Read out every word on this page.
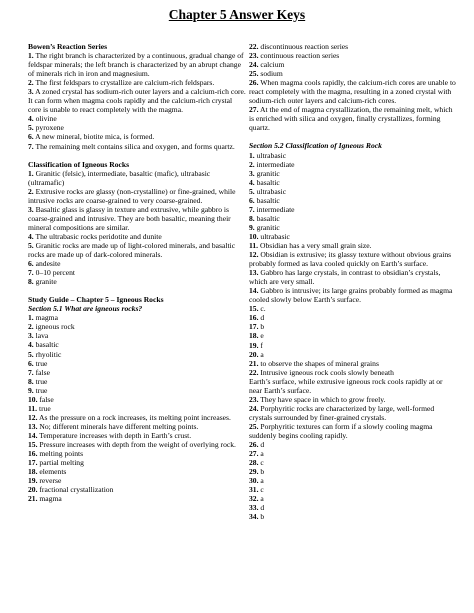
Chapter 5 Answer Keys
Bowen’s Reaction Series
1. The right branch is characterized by a continuous, gradual change of feldspar minerals; the left branch is characterized by an abrupt change of minerals rich in iron and magnesium.
2. The first feldspars to crystallize are calcium-rich feldspars.
3. A zoned crystal has sodium-rich outer layers and a calcium-rich core. It can form when magma cools rapidly and the calcium-rich crystal core is unable to react completely with the magma.
4. olivine
5. pyroxene
6. A new mineral, biotite mica, is formed.
7. The remaining melt contains silica and oxygen, and forms quartz.
Classification of Igneous Rocks
1. Granitic (felsic), intermediate, basaltic (mafic), ultrabasic (ultramafic)
2. Extrusive rocks are glassy (non-crystalline) or fine-grained, while intrusive rocks are coarse-grained to very coarse-grained.
3. Basaltic glass is glassy in texture and extrusive, while gabbro is coarse-grained and intrusive. They are both basaltic, meaning their mineral compositions are similar.
4. The ultrabasic rocks peridotite and dunite
5. Granitic rocks are made up of light-colored minerals, and basaltic rocks are made up of dark-colored minerals.
6. andesite
7. 0–10 percent
8. granite
Study Guide – Chapter 5 – Igneous Rocks
Section 5.1 What are igneous rocks?
1. magma
2. igneous rock
3. lava
4. basaltic
5. rhyolitic
6. true
7. false
8. true
9. true
10. false
11. true
12. As the pressure on a rock increases, its melting point increases.
13. No; different minerals have different melting points.
14. Temperature increases with depth in Earth’s crust.
15. Pressure increases with depth from the weight of overlying rock.
16. melting points
17. partial melting
18. elements
19. reverse
20. fractional crystallization
21. magma
22. discontinuous reaction series
23. continuous reaction series
24. calcium
25. sodium
26. When magma cools rapidly, the calcium-rich cores are unable to react completely with the magma, resulting in a zoned crystal with sodium-rich outer layers and calcium-rich cores.
27. At the end of magma crystallization, the remaining melt, which is enriched with silica and oxygen, finally crystallizes, forming quartz.
Section 5.2 Classification of Igneous Rock
1. ultrabasic
2. intermediate
3. granitic
4. basaltic
5. ultrabasic
6. basaltic
7. intermediate
8. basaltic
9. granitic
10. ultrabasic
11. Obsidian has a very small grain size.
12. Obsidian is extrusive; its glassy texture without obvious grains probably formed as lava cooled quickly on Earth’s surface.
13. Gabbro has large crystals, in contrast to obsidian’s crystals, which are very small.
14. Gabbro is intrusive; its large grains probably formed as magma cooled slowly below Earth’s surface.
15. c.
16. d
17. b
18. e
19. f
20. a
21. to observe the shapes of mineral grains
22. Intrusive igneous rock cools slowly beneath
Earth’s surface, while extrusive igneous rock cools rapidly at or near Earth’s surface.
23. They have space in which to grow freely.
24. Porphyritic rocks are characterized by large, well-formed crystals surrounded by finer-grained crystals.
25. Porphyritic textures can form if a slowly cooling magma suddenly begins cooling rapidly.
26. d
27. a
28. c
29. b
30. a
31. c
32. a
33. d
34. b
